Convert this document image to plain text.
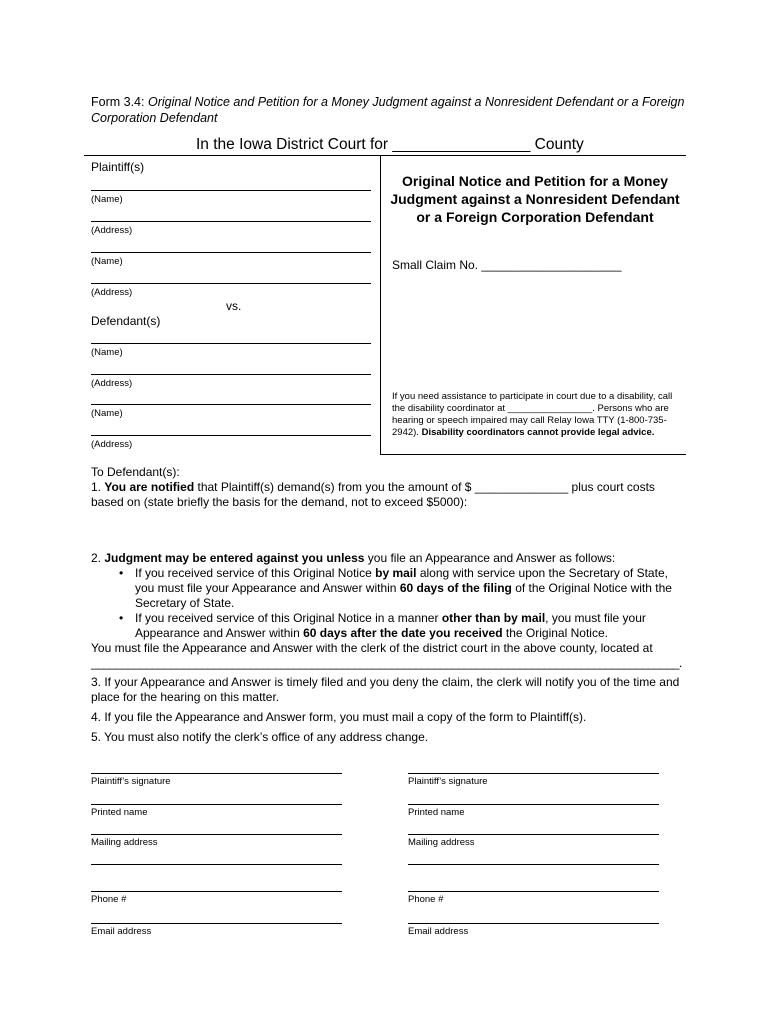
Form 3.4: Original Notice and Petition for a Money Judgment against a Nonresident Defendant or a Foreign Corporation Defendant
In the Iowa District Court for ________________ County
Plaintiff(s)
(Name)
(Address)
(Name)
(Address)
vs.
Defendant(s)
(Name)
(Address)
(Name)
(Address)
Original Notice and Petition for a Money Judgment against a Nonresident Defendant or a Foreign Corporation Defendant
Small Claim No. _____________________
If you need assistance to participate in court due to a disability, call the disability coordinator at ________________. Persons who are hearing or speech impaired may call Relay Iowa TTY (1-800-735-2942). Disability coordinators cannot provide legal advice.
To Defendant(s):
1. You are notified that Plaintiff(s) demand(s) from you the amount of $ ______________ plus court costs based on (state briefly the basis for the demand, not to exceed $5000):
2. Judgment may be entered against you unless you file an Appearance and Answer as follows:
• If you received service of this Original Notice by mail along with service upon the Secretary of State, you must file your Appearance and Answer within 60 days of the filing of the Original Notice with the Secretary of State.
• If you received service of this Original Notice in a manner other than by mail, you must file your Appearance and Answer within 60 days after the date you received the Original Notice.
You must file the Appearance and Answer with the clerk of the district court in the above county, located at ________________________________________________________________________________________________.
3. If your Appearance and Answer is timely filed and you deny the claim, the clerk will notify you of the time and place for the hearing on this matter.
4. If you file the Appearance and Answer form, you must mail a copy of the form to Plaintiff(s).
5. You must also notify the clerk’s office of any address change.
Plaintiff’s signature
Printed name
Mailing address
Phone #
Email address
Plaintiff’s signature
Printed name
Mailing address
Phone #
Email address
